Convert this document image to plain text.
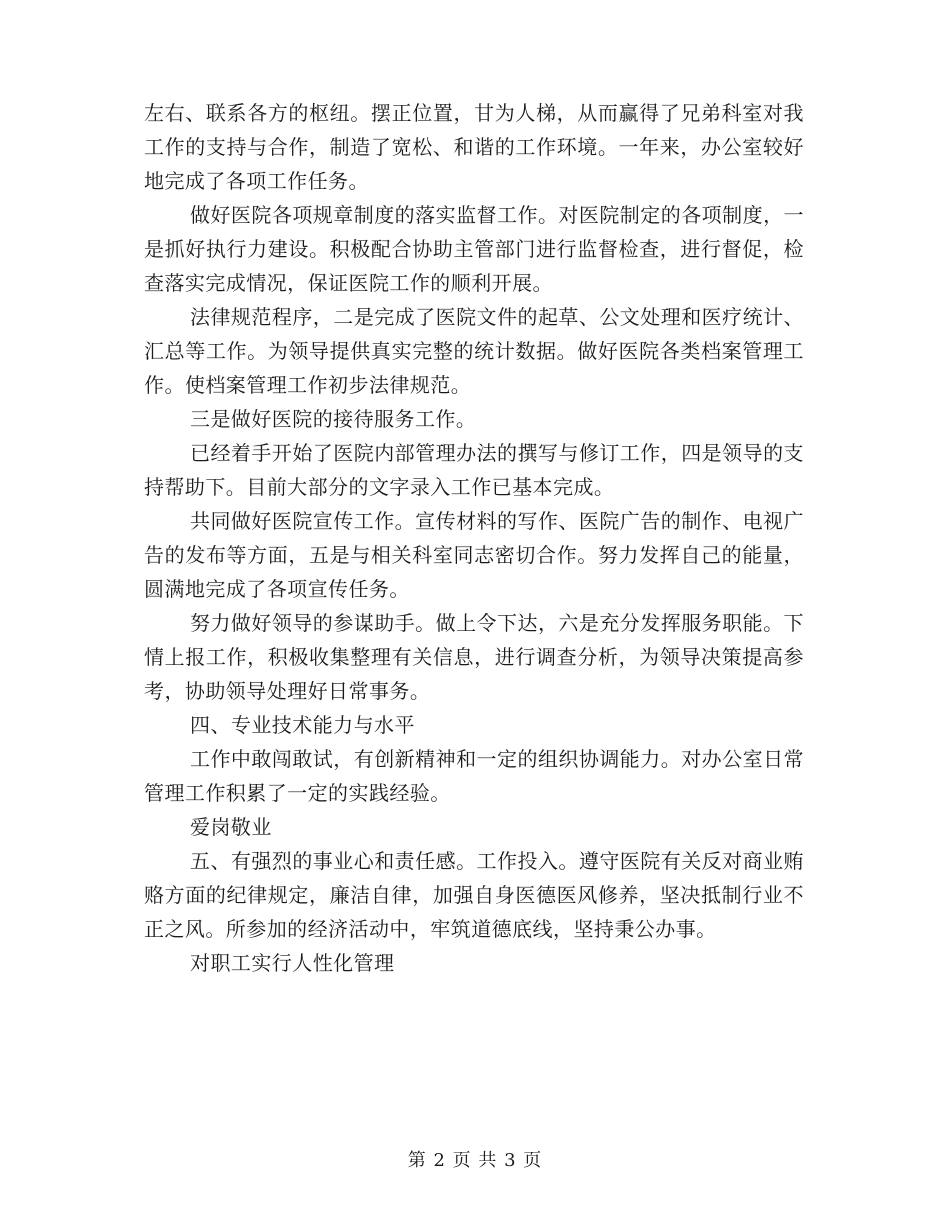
左右、联系各方的枢纽。摆正位置，甘为人梯，从而赢得了兄弟科室对我工作的支持与合作，制造了宽松、和谐的工作环境。一年来，办公室较好地完成了各项工作任务。

做好医院各项规章制度的落实监督工作。对医院制定的各项制度，一是抓好执行力建设。积极配合协助主管部门进行监督检查，进行督促，检查落实完成情况，保证医院工作的顺利开展。

法律规范程序，二是完成了医院文件的起草、公文处理和医疗统计、汇总等工作。为领导提供真实完整的统计数据。做好医院各类档案管理工作。使档案管理工作初步法律规范。

三是做好医院的接待服务工作。

已经着手开始了医院内部管理办法的撰写与修订工作，四是领导的支持帮助下。目前大部分的文字录入工作已基本完成。

共同做好医院宣传工作。宣传材料的写作、医院广告的制作、电视广告的发布等方面，五是与相关科室同志密切合作。努力发挥自己的能量，圆满地完成了各项宣传任务。

努力做好领导的参谋助手。做上令下达，六是充分发挥服务职能。下情上报工作，积极收集整理有关信息，进行调查分析，为领导决策提高参考，协助领导处理好日常事务。

四、专业技术能力与水平

工作中敢闯敢试，有创新精神和一定的组织协调能力。对办公室日常管理工作积累了一定的实践经验。

爱岗敬业

五、有强烈的事业心和责任感。工作投入。遵守医院有关反对商业贿赂方面的纪律规定，廉洁自律，加强自身医德医风修养，坚决抵制行业不正之风。所参加的经济活动中，牢筑道德底线，坚持秉公办事。

对职工实行人性化管理

第 2 页 共 3 页
